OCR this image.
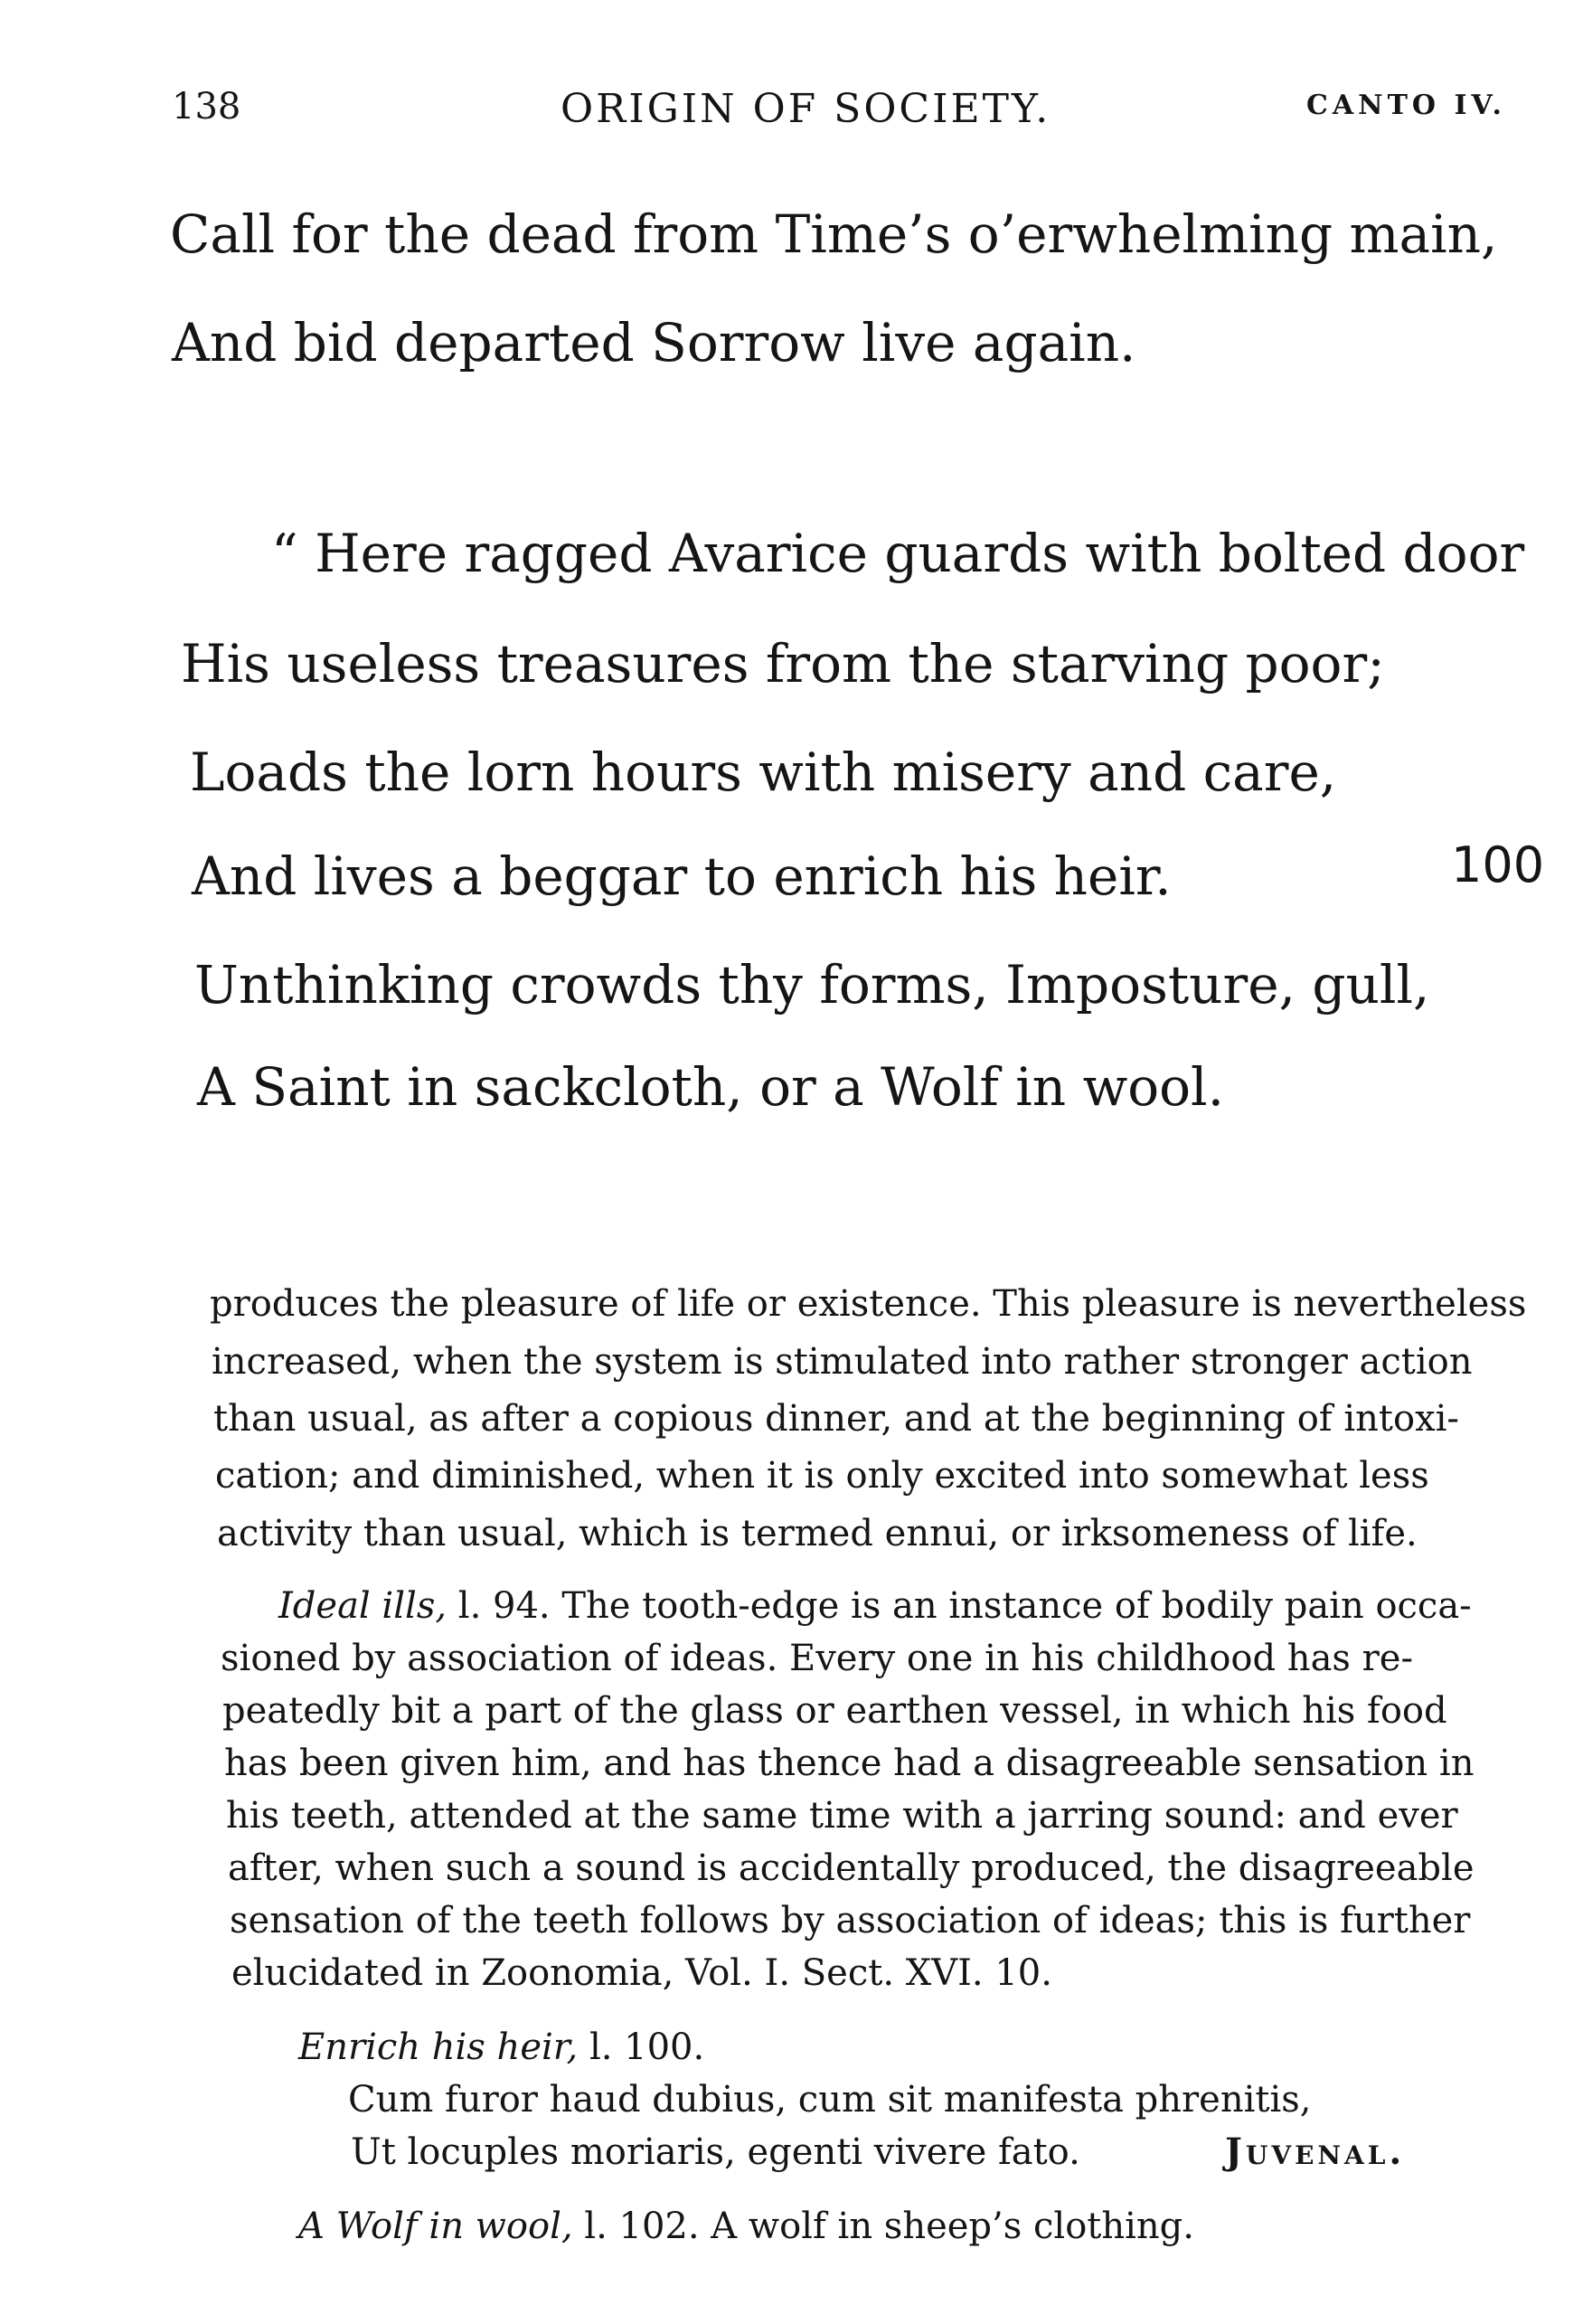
138	ORIGIN OF SOCIETY.	CANTO IV.
Call for the dead from Time’s o’erwhelming main,
And bid departed Sorrow live again.
“ Here ragged Avarice guards with bolted door
His useless treasures from the starving poor;
Loads the lorn hours with misery and care,
And lives a beggar to enrich his heir.
Unthinking crowds thy forms, Imposture, gull,
A Saint in sackcloth, or a Wolf in wool.
100
produces the pleasure of life or existence. This pleasure is nevertheless
increased, when the system is stimulated into rather stronger action
than usual, as after a copious dinner, and at the beginning of intoxi-
cation; and diminished, when it is only excited into somewhat less
activity than usual, which is termed ennui, or irksomeness of life.
Ideal ills, l. 94. The tooth-edge is an instance of bodily pain occa-
sioned by association of ideas. Every one in his childhood has re-
peatedly bit a part of the glass or earthen vessel, in which his food
has been given him, and has thence had a disagreeable sensation in
his teeth, attended at the same time with a jarring sound: and ever
after, when such a sound is accidentally produced, the disagreeable
sensation of the teeth follows by association of ideas; this is further
elucidated in Zoonomia, Vol. I. Sect. XVI. 10.
Enrich his heir, l. 100.
Cum furor haud dubius, cum sit manifesta phrenitis,
Ut locuples moriaris, egenti vivere fato.	Juvenal.
A Wolf in wool, l. 102. A wolf in sheep’s clothing.
